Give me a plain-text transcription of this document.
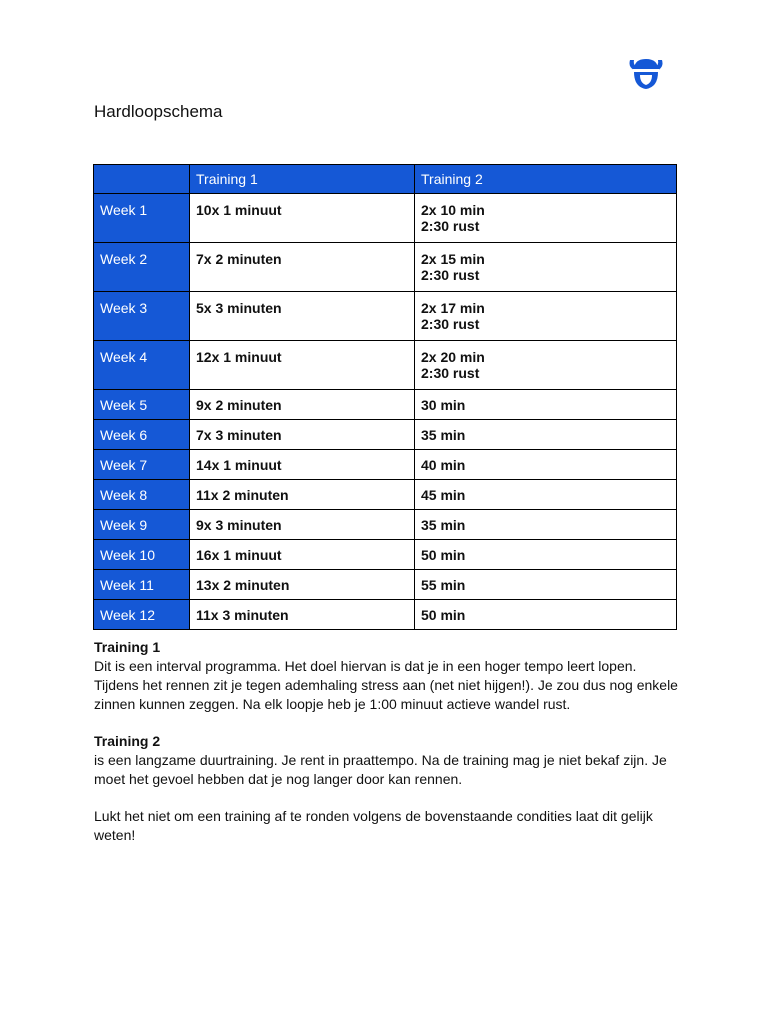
Hardloopschema
	Training 1	Training 2
Week 1	10x 1 minuut	2x 10 min
2:30 rust

Week 2	7x 2 minuten	2x 15 min
2:30 rust

Week 3	5x 3 minuten	2x 17 min
2:30 rust

Week 4	12x 1 minuut	2x 20 min
2:30 rust

Week 5	9x 2 minuten	30 min

Week 6	7x 3 minuten	35 min

Week 7	14x 1 minuut	40 min

Week 8	11x 2 minuten	45 min

Week 9	9x 3 minuten	35 min

Week 10	16x 1 minuut	50 min

Week 11	13x 2 minuten	55 min

Week 12	11x 3 minuten	50 min

Training 1
Dit is een interval programma. Het doel hiervan is dat je in een hoger tempo leert lopen. Tijdens het rennen zit je tegen ademhaling stress aan (net niet hijgen!). Je zou dus nog enkele zinnen kunnen zeggen. Na elk loopje heb je 1:00 minuut actieve wandel rust.

Training 2
is een langzame duurtraining. Je rent in praattempo. Na de training mag je niet bekaf zijn. Je moet het gevoel hebben dat je nog langer door kan rennen.

Lukt het niet om een training af te ronden volgens de bovenstaande condities laat dit gelijk weten!
